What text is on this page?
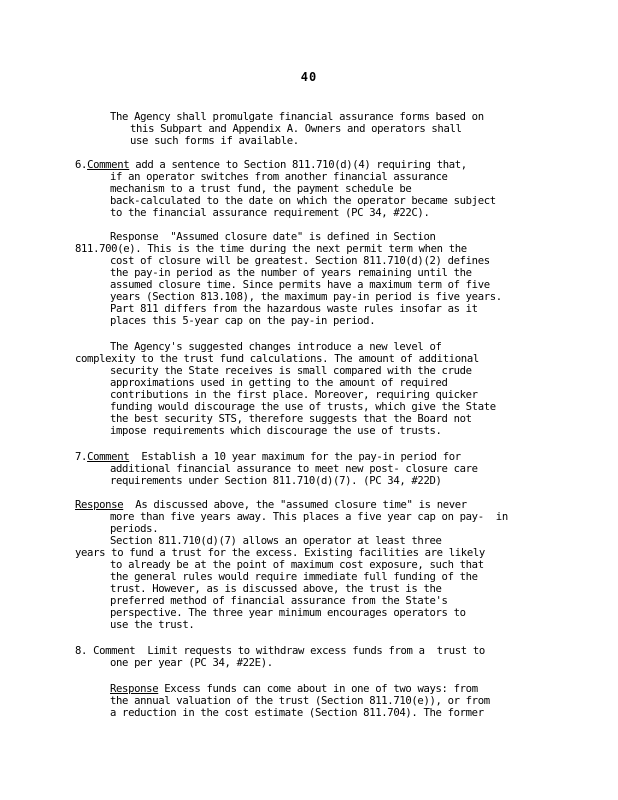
40
The Agency shall promulgate financial assurance forms based on
this Subpart and Appendix A. Owners and operators shall
use such forms if available.
6.Comment add a sentence to Section 811.710(d)(4) requiring that,
if an operator switches from another financial assurance
mechanism to a trust fund, the payment schedule be
back-calculated to the date on which the operator became subject
to the financial assurance requirement (PC 34, #22C).
Response  "Assumed closure date" is defined in Section
811.700(e). This is the time during the next permit term when the
cost of closure will be greatest. Section 811.710(d)(2) defines
the pay-in period as the number of years remaining until the
assumed closure time. Since permits have a maximum term of five
years (Section 813.108), the maximum pay-in period is five years.
Part 811 differs from the hazardous waste rules insofar as it
places this 5-year cap on the pay-in period.
The Agency's suggested changes introduce a new level of
complexity to the trust fund calculations. The amount of additional
security the State receives is small compared with the crude
approximations used in getting to the amount of required
contributions in the first place. Moreover, requiring quicker
funding would discourage the use of trusts, which give the State
the best security STS, therefore suggests that the Board not
impose requirements which discourage the use of trusts.
7.Comment  Establish a 10 year maximum for the pay-in period for
additional financial assurance to meet new post- closure care
requirements under Section 811.710(d)(7). (PC 34, #22D)
Response  As discussed above, the "assumed closure time" is never
more than five years away. This places a five year cap on pay-  in
periods.
Section 811.710(d)(7) allows an operator at least three
years to fund a trust for the excess. Existing facilities are likely
to already be at the point of maximum cost exposure, such that
the general rules would require immediate full funding of the
trust. However, as is discussed above, the trust is the
preferred method of financial assurance from the State's
perspective. The three year minimum encourages operators to
use the trust.
8. Comment  Limit requests to withdraw excess funds from a  trust to
one per year (PC 34, #22E).
Response Excess funds can come about in one of two ways: from
the annual valuation of the trust (Section 811.710(e)), or from
a reduction in the cost estimate (Section 811.704). The former
